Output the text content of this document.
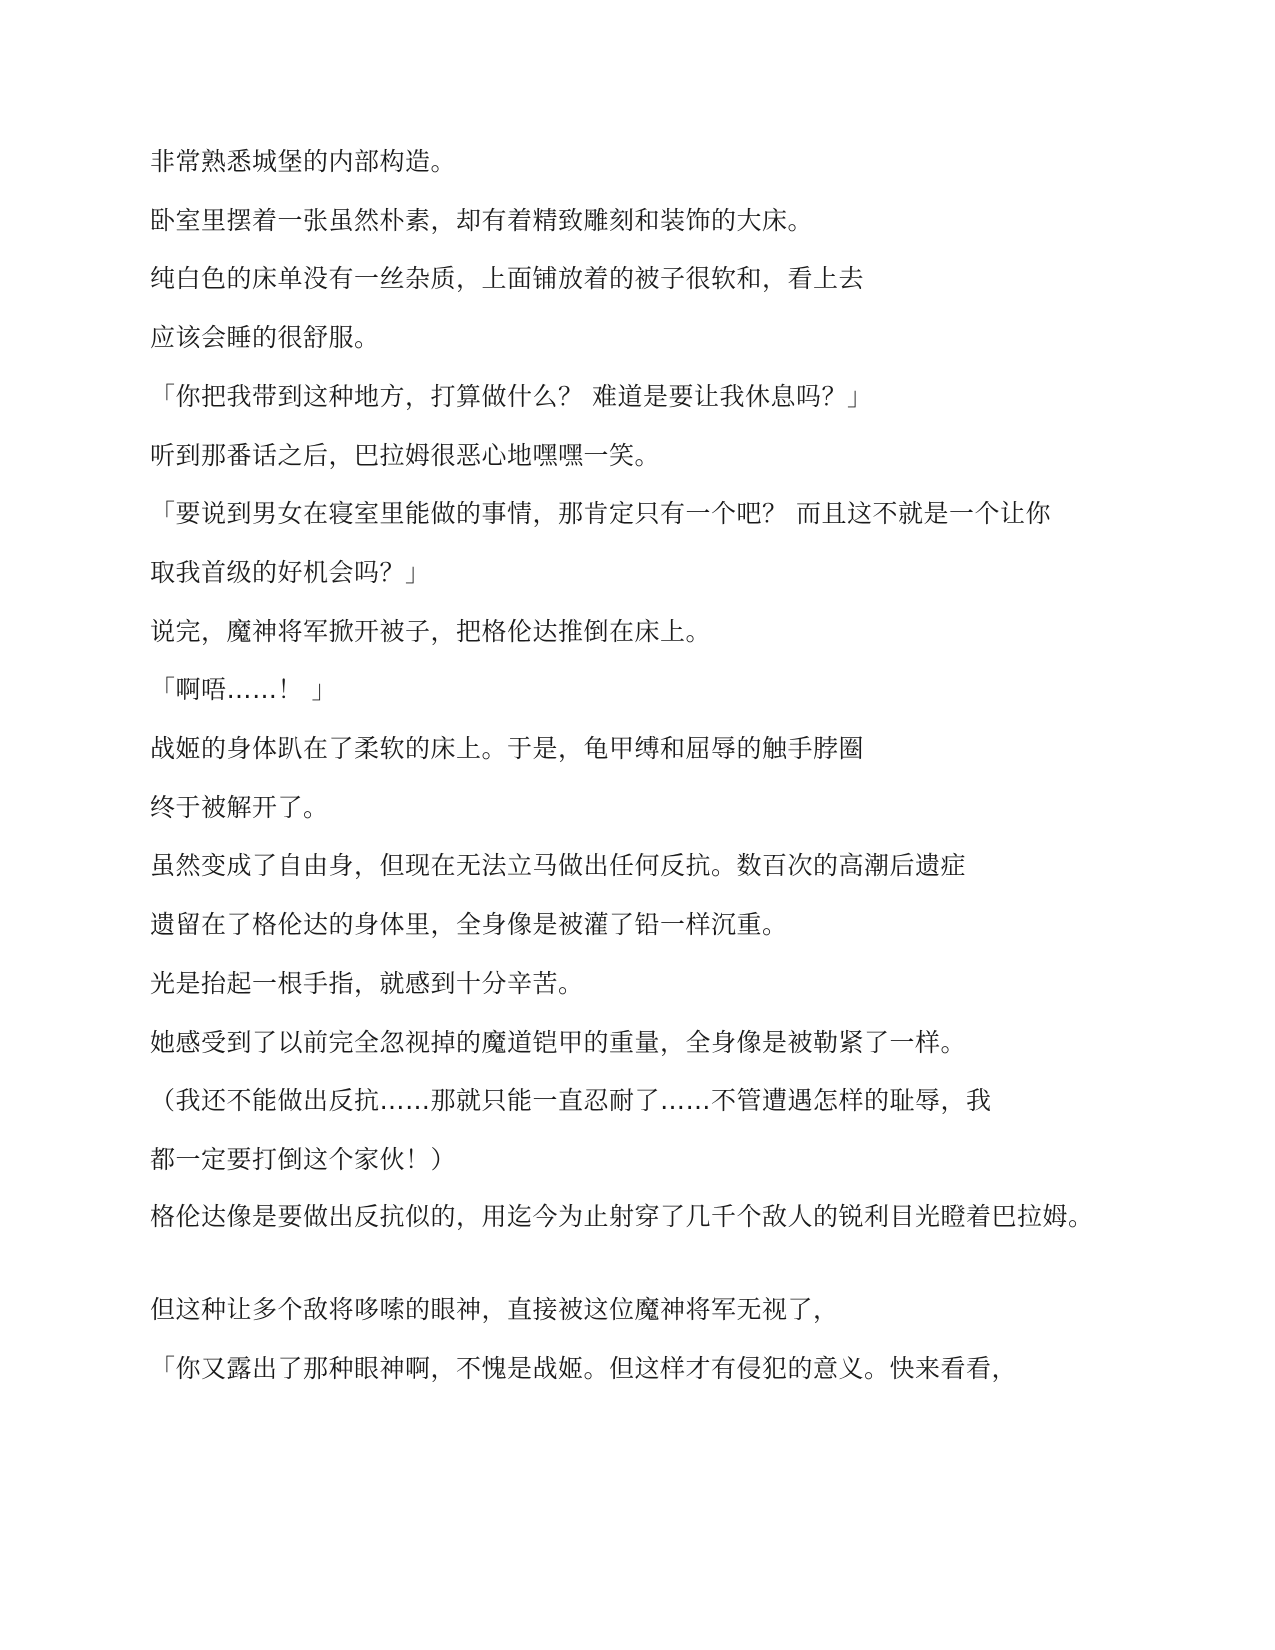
非常熟悉城堡的内部构造。
卧室里摆着一张虽然朴素，却有着精致雕刻和装饰的大床。
纯白色的床单没有一丝杂质，上面铺放着的被子很软和，看上去
应该会睡的很舒服。
「你把我带到这种地方，打算做什么？ 难道是要让我休息吗？」
听到那番话之后，巴拉姆很恶心地嘿嘿一笑。
「要说到男女在寝室里能做的事情，那肯定只有一个吧？ 而且这不就是一个让你
取我首级的好机会吗？」
说完，魔神将军掀开被子，把格伦达推倒在床上。
「啊唔……！ 」
战姬的身体趴在了柔软的床上。于是，龟甲缚和屈辱的触手脖圈
终于被解开了。
虽然变成了自由身，但现在无法立马做出任何反抗。数百次的高潮后遗症
遗留在了格伦达的身体里，全身像是被灌了铅一样沉重。
光是抬起一根手指，就感到十分辛苦。
她感受到了以前完全忽视掉的魔道铠甲的重量，全身像是被勒紧了一样。
（我还不能做出反抗……那就只能一直忍耐了……不管遭遇怎样的耻辱，我
都一定要打倒这个家伙！）
格伦达像是要做出反抗似的，用迄今为止射穿了几千个敌人的锐利目光瞪着巴拉姆。
但这种让多个敌将哆嗦的眼神，直接被这位魔神将军无视了，
「你又露出了那种眼神啊，不愧是战姬。但这样才有侵犯的意义。快来看看，
